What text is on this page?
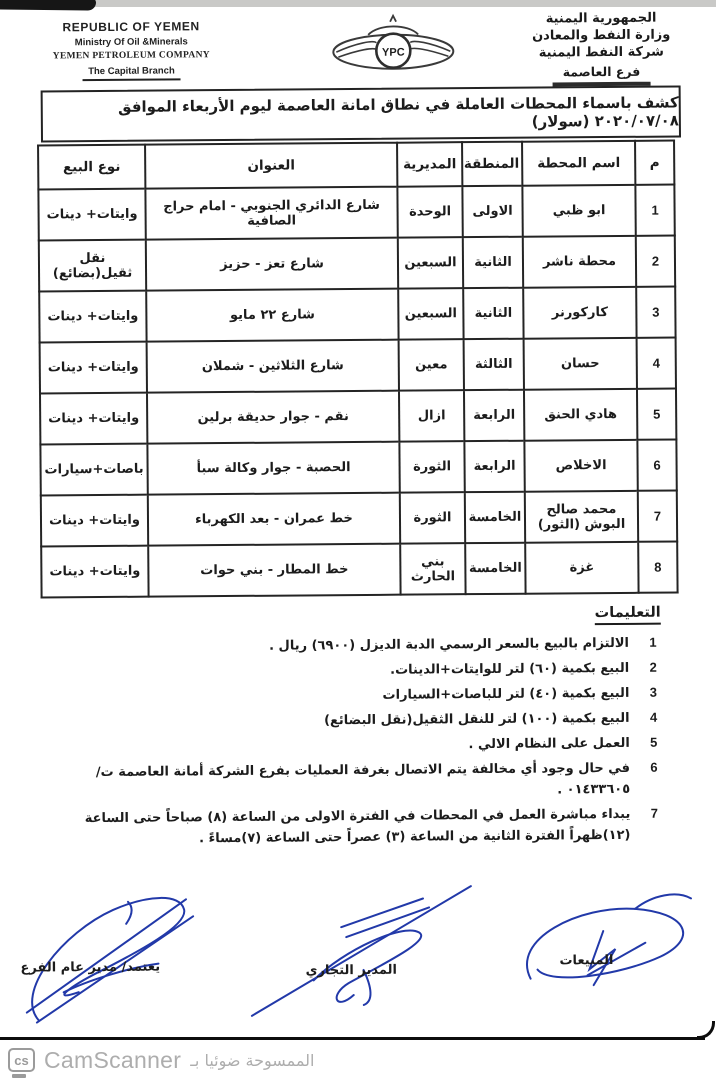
REPUBLIC OF YEMEN
Ministry Of Oil &Minerals
YEMEN PETROLEUM COMPANY
The Capital Branch
YPC
الجمهورية اليمنية
وزارة النفط والمعادن
شركة النفط اليمنية
فرع العاصمة
كشف باسماء المحطات العاملة في نطاق امانة العاصمة ليوم الأربعاء الموافق ٢٠٢٠/٠٧/٠٨ (سولار)
م	اسم المحطة	المنطقة	المديرية	العنوان	نوع البيع
1	ابو ظبي	الاولى	الوحدة	شارع الدائري الجنوبي - امام حراج الصافية	وايتات+ دينات
2	محطة ناشر	الثانية	السبعين	شارع تعز - حزيز	نقل ثقيل(بضائع)
3	كاركورنر	الثانية	السبعين	شارع ٢٢ مايو	وايتات+ دينات
4	حسان	الثالثة	معين	شارع الثلاثين - شملان	وايتات+ دينات
5	هادي الحنق	الرابعة	ازال	نقم - جوار حديقة برلين	وايتات+ دينات
6	الاخلاص	الرابعة	الثورة	الحصبة - جوار وكالة سبأ	باصات+سيارات
7	محمد صالح البوش (الثور)	الخامسة	الثورة	خط عمران - بعد الكهرباء	وايتات+ دينات
8	غزة	الخامسة	بني الحارث	خط المطار - بني حوات	وايتات+ دينات
التعليمات
1
الالتزام بالبيع بالسعر الرسمي الدبة الديزل (٦٩٠٠) ريال .
2
البيع بكمية (٦٠) لتر للوايتات+الدينات.
3
البيع بكمية (٤٠) لتر للباصات+السيارات
4
البيع بكمية (١٠٠) لتر للنقل الثقيل(نقل البضائع)
5
العمل على النظام الالي .
6
في حال وجود أي مخالفة يتم الاتصال بغرفة العمليات بفرع الشركة أمانة العاصمة ت/٠١٤٣٣٦٠٥ .
7
يبداء مباشرة العمل في المحطات في الفترة الاولى من الساعة (٨) صباحاً حتى الساعة (١٢)ظهراً الفترة الثانية من الساعة (٣) عصراً حتى الساعة (٧)مساءً .
يعتمد/ مدير عام الفرع	المدير التجاري
المبيعات
cs CamScanner الممسوحة ضوئيا بـ
